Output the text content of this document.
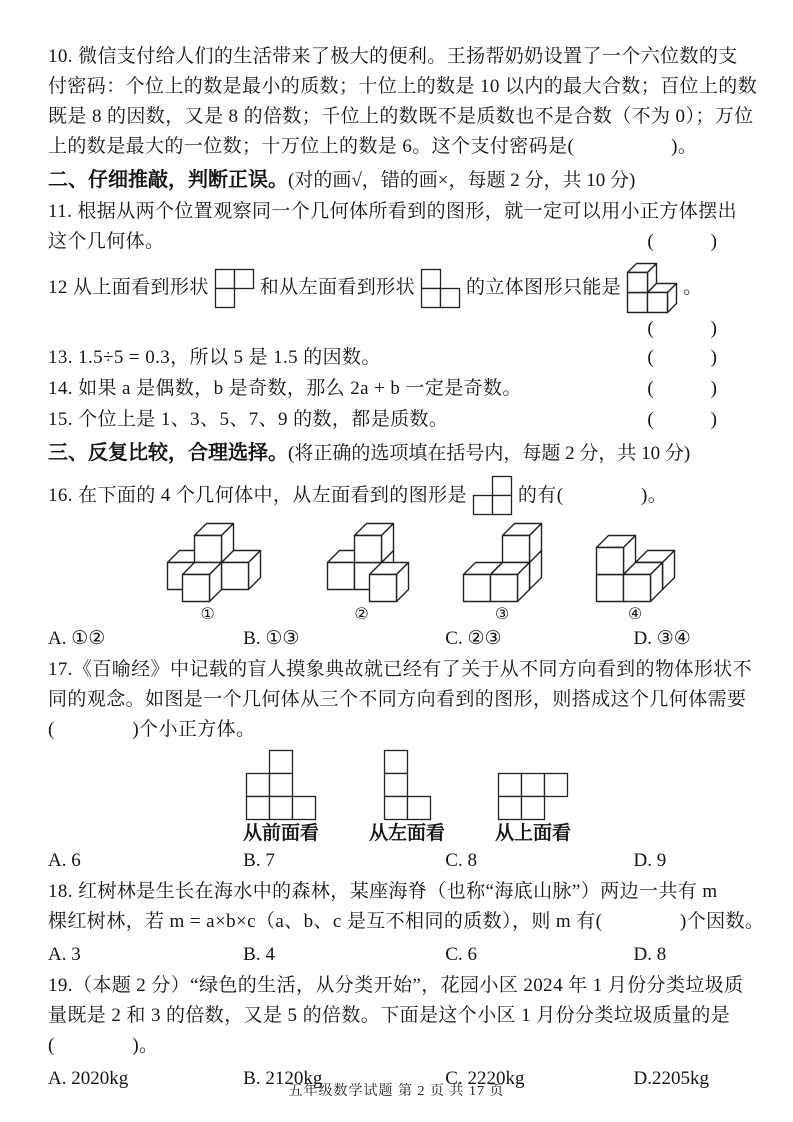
10. 微信支付给人们的生活带来了极大的便利。王扬帮奶奶设置了一个六位数的支
付密码：个位上的数是最小的质数；十位上的数是 10 以内的最大合数；百位上的数
既是 8 的因数，又是 8 的倍数；千位上的数既不是质数也不是合数（不为 0）；万位
上的数是最大的一位数；十万位上的数是 6。这个支付密码是(　　　　　)。
二、仔细推敲，判断正误。(对的画√，错的画×，每题 2 分，共 10 分)
11. 根据从两个位置观察同一个几何体所看到的图形，就一定可以用小正方体摆出
这个几何体。	(　　　)
12 从上面看到形状	和从左面看到形状	的立体图形只能是	。
(　　　)
13. 1.5÷5 = 0.3，所以 5 是 1.5 的因数。	(　　　)
14. 如果 a 是偶数，b 是奇数，那么 2a + b 一定是奇数。	(　　　)
15. 个位上是 1、3、5、7、9 的数，都是质数。	(　　　)
三、反复比较，合理选择。(将正确的选项填在括号内，每题 2 分，共 10 分)
16. 在下面的 4 个几何体中，从左面看到的图形是	的有(　　　　)。
①	②	③	④
A. ①②	B. ①③	C. ②③	D. ③④
17.《百喻经》中记载的盲人摸象典故就已经有了关于从不同方向看到的物体形状不
同的观念。如图是一个几何体从三个不同方向看到的图形，则搭成这个几何体需要
(　　　　)个小正方体。
从前面看	从左面看	从上面看
A. 6	B. 7	C. 8	D. 9
18. 红树林是生长在海水中的森林，某座海脊（也称“海底山脉”）两边一共有 m
棵红树林，若 m = a×b×c（a、b、c 是互不相同的质数），则 m 有(　　　　)个因数。
A. 3	B. 4	C. 6	D. 8
19.（本题 2 分）“绿色的生活，从分类开始”，花园小区 2024 年 1 月份分类垃圾质
量既是 2 和 3 的倍数，又是 5 的倍数。下面是这个小区 1 月份分类垃圾质量的是
(　　　　)。
A. 2020kg	B. 2120kg	C. 2220kg	D.2205kg
五年级数学试题 第 2 页 共 17 页
